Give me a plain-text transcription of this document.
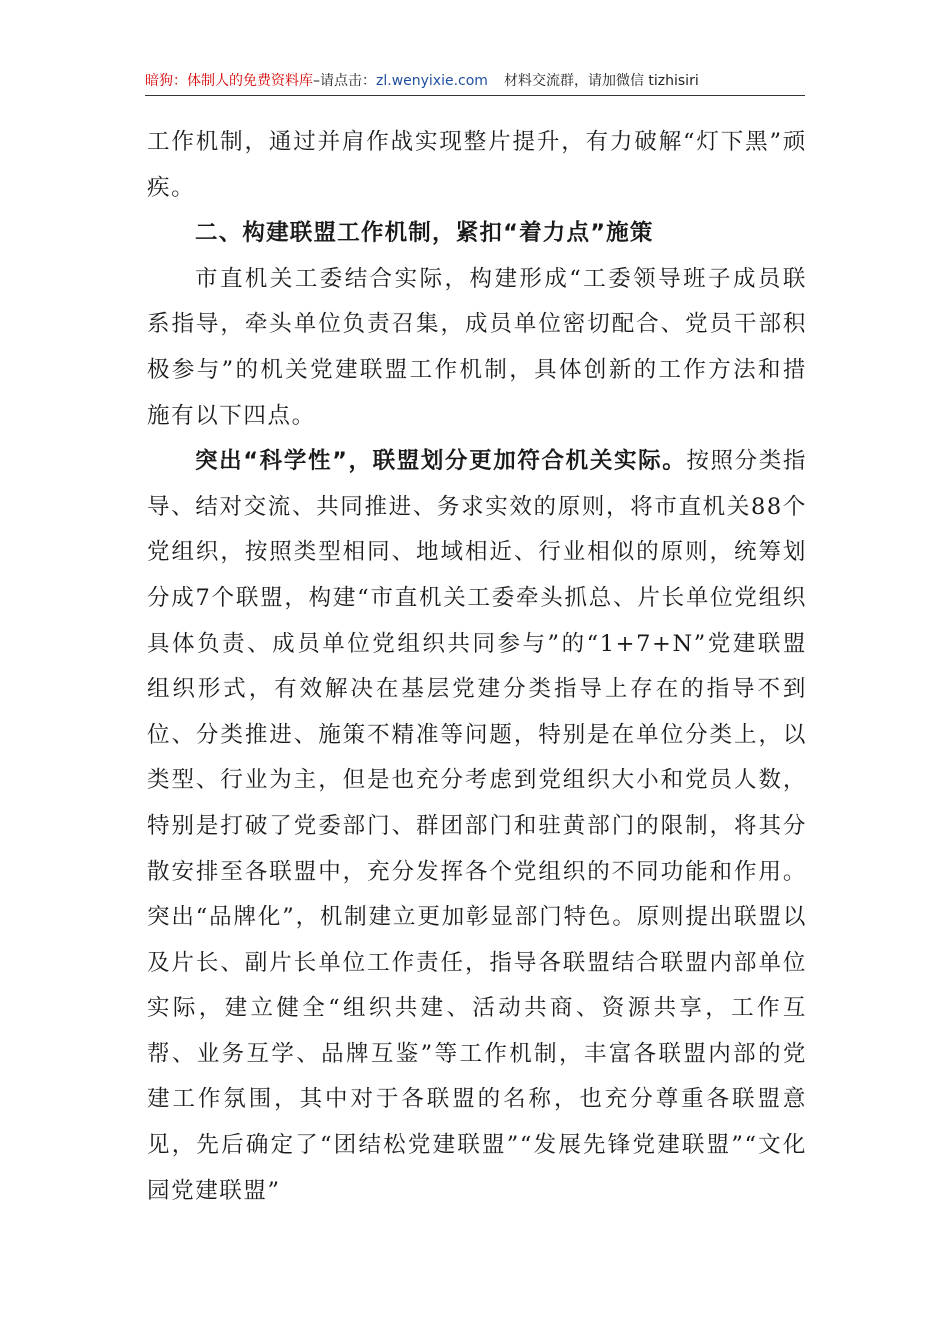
暗狗：体制人的免费资料库–请点击：zl.wenyixie.com 材料交流群，请加微信 tizhisiri

工作机制，通过并肩作战实现整片提升，有力破解“灯下黑”顽疾。

二、构建联盟工作机制，紧扣“着力点”施策

市直机关工委结合实际，构建形成“工委领导班子成员联系指导，牵头单位负责召集，成员单位密切配合、党员干部积极参与”的机关党建联盟工作机制，具体创新的工作方法和措施有以下四点。

突出“科学性”，联盟划分更加符合机关实际。按照分类指导、结对交流、共同推进、务求实效的原则，将市直机关88个党组织，按照类型相同、地域相近、行业相似的原则，统筹划分成7个联盟，构建“市直机关工委牵头抓总、片长单位党组织具体负责、成员单位党组织共同参与”的“1+7+N”党建联盟组织形式，有效解决在基层党建分类指导上存在的指导不到位、分类推进、施策不精准等问题，特别是在单位分类上，以类型、行业为主，但是也充分考虑到党组织大小和党员人数，特别是打破了党委部门、群团部门和驻黄部门的限制，将其分散安排至各联盟中，充分发挥各个党组织的不同功能和作用。突出“品牌化”，机制建立更加彰显部门特色。原则提出联盟以及片长、副片长单位工作责任，指导各联盟结合联盟内部单位实际，建立健全“组织共建、活动共商、资源共享，工作互帮、业务互学、品牌互鉴”等工作机制，丰富各联盟内部的党建工作氛围，其中对于各联盟的名称，也充分尊重各联盟意见，先后确定了“团结松党建联盟”“发展先锋党建联盟”“文化园党建联盟”
